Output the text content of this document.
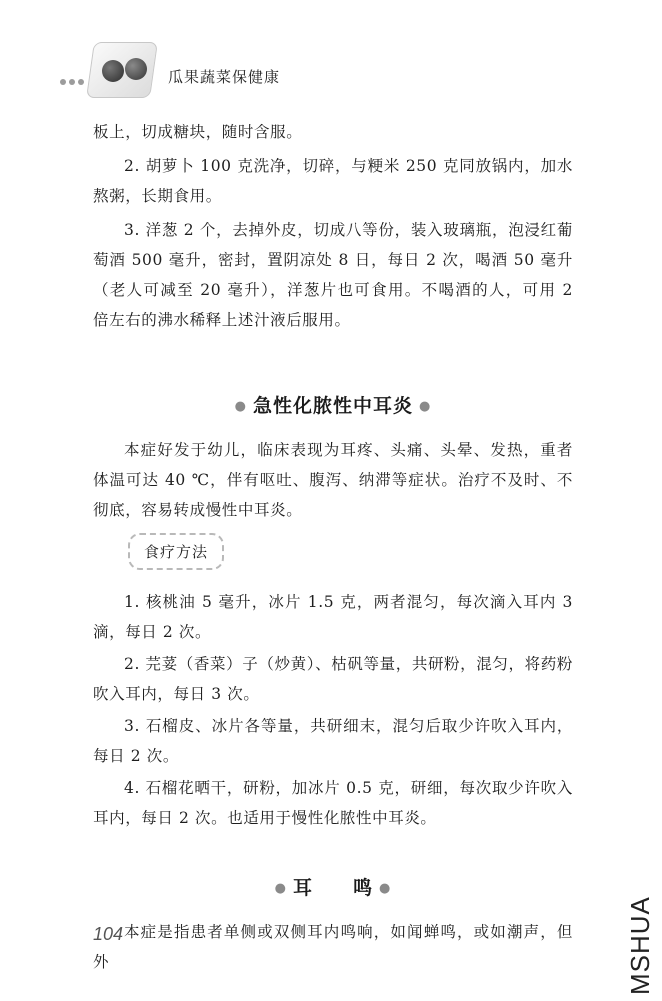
瓜果蔬菜保健康

板上，切成糖块，随时含服。

2. 胡萝卜 100 克洗净，切碎，与粳米 250 克同放锅内，加水熬粥，长期食用。

3. 洋葱 2 个，去掉外皮，切成八等份，装入玻璃瓶，泡浸红葡萄酒 500 毫升，密封，置阴凉处 8 日，每日 2 次，喝酒 50 毫升（老人可减至 20 毫升），洋葱片也可食用。不喝酒的人，可用 2 倍左右的沸水稀释上述汁液后服用。

● 急性化脓性中耳炎 ●

本症好发于幼儿，临床表现为耳疼、头痛、头晕、发热，重者体温可达 40 ℃，伴有呕吐、腹泻、纳滞等症状。治疗不及时、不彻底，容易转成慢性中耳炎。

食疗方法

1. 核桃油 5 毫升，冰片 1.5 克，两者混匀，每次滴入耳内 3 滴，每日 2 次。

2. 芫荽（香菜）子（炒黄）、枯矾等量，共研粉，混匀，将药粉吹入耳内，每日 3 次。

3. 石榴皮、冰片各等量，共研细末，混匀后取少许吹入耳内，每日 2 次。

4. 石榴花晒干，研粉，加冰片 0.5 克，研细，每次取少许吹入耳内，每日 2 次。也适用于慢性化脓性中耳炎。

● 耳　　鸣 ●

本症是指患者单侧或双侧耳内鸣响，如闻蝉鸣，或如潮声，但外

104	MSHUA
